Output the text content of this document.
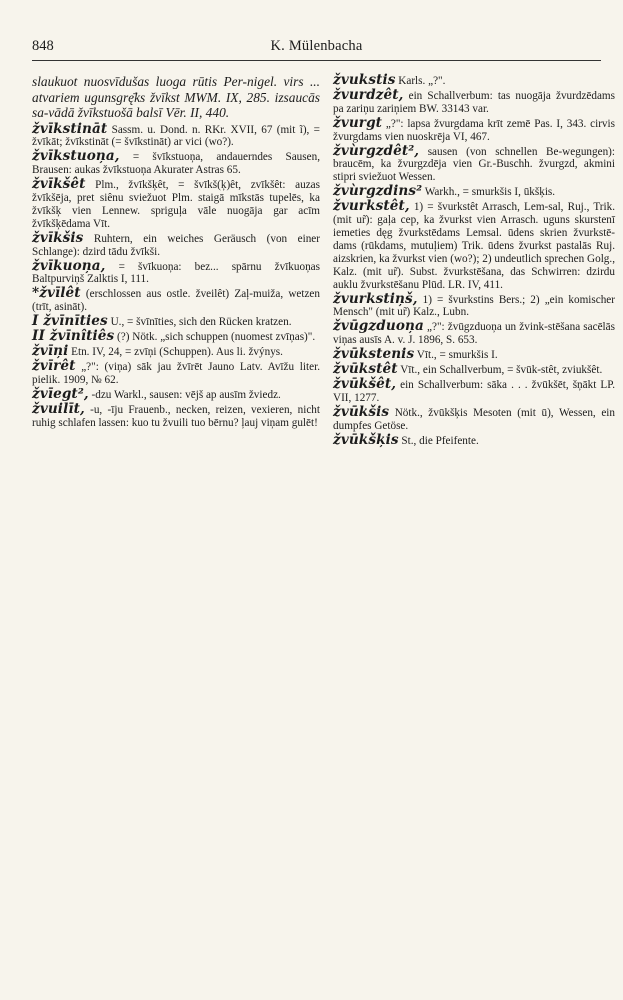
848	K. Mülenbacha

slaukuot nuosvīdušas luoga rūtis Per-nigel. virs ... atvariem ugunsgrę̄ks žvīkst MWM. IX, 285. izsaucās sa-vādā žvīkstuošā balsī Vēr. II, 440.

žvīkstināt Sassm. u. Dond. n. RKr. XVII, 67 (mit ĩ), = žvīkāt; žvīkstināt (= švīkstināt) ar vici (wo?).

žvīkstuoņa, = švīkstuoņa, andauerndes Sausen, Brausen: aukas žvīkstuoņa Akurater Astras 65.

žvīkšêt Plm., žvīkšķêt, = švīkš(ķ)êt, zvīkšêt: auzas žvīkšēja, pret siênu sviežuot Plm. staigā mīkstās tupelēs, ka žvīkšķ vien Lennew. spriguļa vāle nuogāja gar acīm žvīkšķēdama Vīt.

žvīkšis Ruhtern, ein weiches Geräusch (von einer Schlange): dzird tādu žvīkši.

žvīkuoņa, = švīkuoņa: bez... spārnu žvīkuoņas Baltpurviņš Zalktis I, 111.

*žvīlêt (erschlossen aus ostle. žveilêt) Zaļ-muiža, wetzen (trīt, asināt).

I žvīnīties U., = švīnīties, sich den Rücken kratzen.

II žvīnîtiês (?) Nötk. „sich schuppen (nuomest zvīņas)".

žvīņi Etn. IV, 24, = zvīņi (Schuppen). Aus li. žvýnys.

žvīrêt „?": (viņa) sāk jau žvīrēt Jauno Latv. Avīžu liter. pielik. 1909, № 62.

žvīegt², -dzu Warkl., sausen: vējš ap ausīm žviedz.

žvuilīt, -u, -īju Frauenb., necken, reizen, vexieren, nicht ruhig schlafen lassen: kuo tu žvuili tuo bērnu? ļauj viņam gulēt!

žvukstis Karls. „?".

žvurdzêt, ein Schallverbum: tas nuogāja žvurdzēdams pa zariņu zariņiem BW. 33143 var.

žvurgt „?": lapsa žvurgdama krīt zemē Pas. I, 343. cirvis žvurgdams vien nuoskrēja VI, 467.

žvùrgzdêt², sausen (von schnellen Be-wegungen): braucēm, ka žvurgzdēja vien Gr.-Buschh. žvurgzd, akmini stipri sviežuot Wessen.

žvùrgzdins² Warkh., = smurkšis I, ūkšķis.

žvurkstêt, 1) = švurkstêt Arrasch, Lem-sal, Ruj., Trik. (mit ur̃): gaļa cep, ka žvurkst vien Arrasch. uguns skurstenī iemeties dęg žvurkstēdams Lemsal. ūdens skrien žvurkstē-dams (rūkdams, mutuļiem) Trik. ūdens žvurkst pastalās Ruj. aizskrien, ka žvurkst vien (wo?); 2) undeutlich sprechen Golg., Kalz. (mit ur̃). Subst. žvurkstēšana, das Schwirren: dzirdu auklu žvurkstēšanu Plūd. LR. IV, 411.

žvurkstiņš, 1) = švurkstins Bers.; 2) „ein komischer Mensch" (mit ur̃) Kalz., Lubn.

žvūgzduoņa „?": žvūgzduoņa un žvink-stēšana sacēlās viņas ausīs A. v. J. 1896, S. 653.

žvūkstenis Vīt., = smurkšis I.

žvūkstêt Vīt., ein Schallverbum, = švūk-stêt, zviukšêt.

žvūkšêt, ein Schallverbum: sāka . . . žvūkšēt, šņākt LP. VII, 1277.

žvūkšis Nötk., žvūkšķis Mesoten (mit ū), Wessen, ein dumpfes Getöse.

žvūkšķis St., die Pfeifente.
